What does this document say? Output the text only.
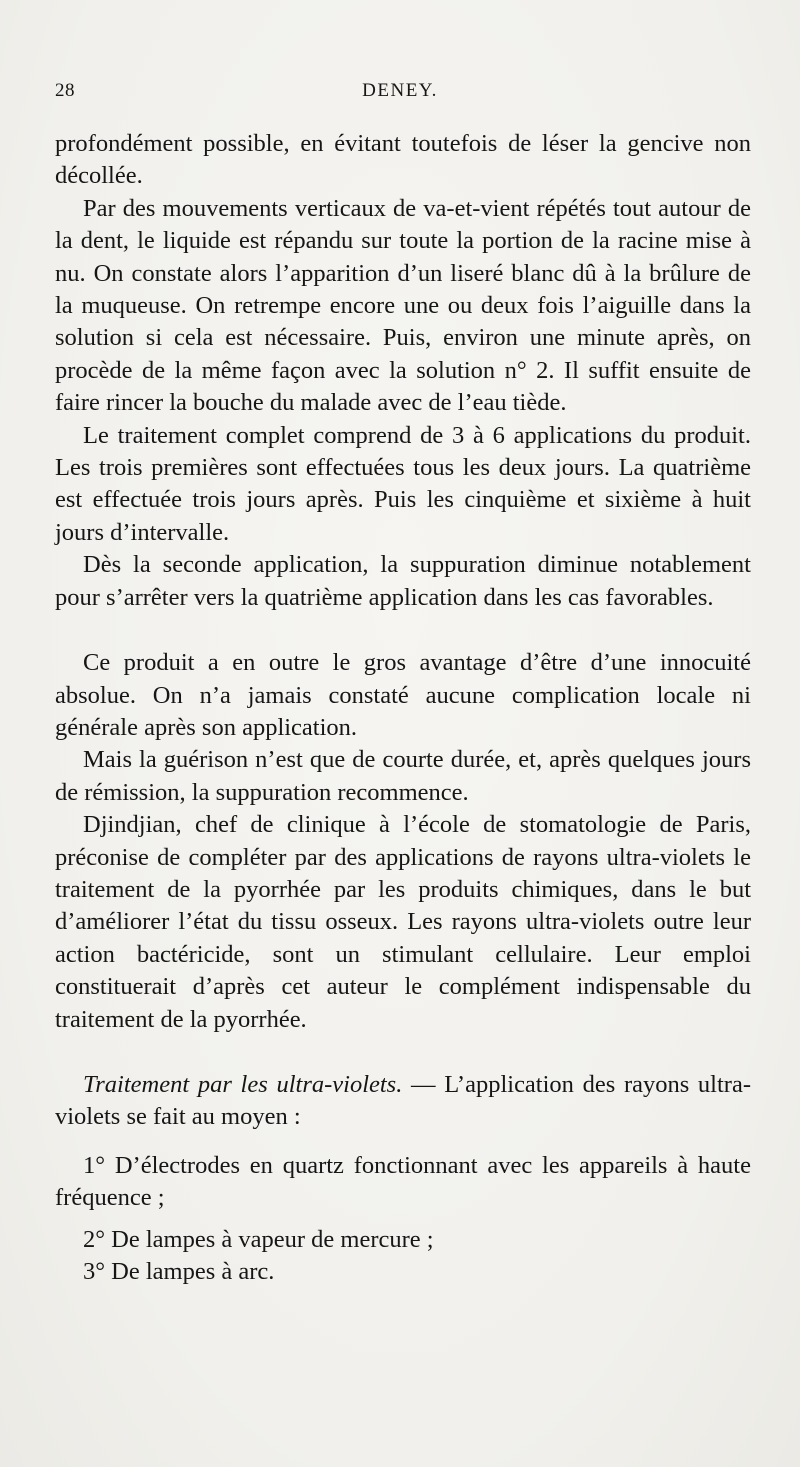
28	DENEY.

profondément possible, en évitant toutefois de léser la gencive non décollée.

Par des mouvements verticaux de va-et-vient répétés tout autour de la dent, le liquide est répandu sur toute la portion de la racine mise à nu. On constate alors l’apparition d’un liseré blanc dû à la brûlure de la muqueuse. On retrempe encore une ou deux fois l’aiguille dans la solution si cela est nécessaire. Puis, environ une minute après, on procède de la même façon avec la solution n° 2. Il suffit ensuite de faire rincer la bouche du malade avec de l’eau tiède.

Le traitement complet comprend de 3 à 6 applications du produit. Les trois premières sont effectuées tous les deux jours. La quatrième est effectuée trois jours après. Puis les cinquième et sixième à huit jours d’intervalle.

Dès la seconde application, la suppuration diminue notablement pour s’arrêter vers la quatrième application dans les cas favorables.

Ce produit a en outre le gros avantage d’être d’une innocuité absolue. On n’a jamais constaté aucune complication locale ni générale après son application.

Mais la guérison n’est que de courte durée, et, après quelques jours de rémission, la suppuration recommence.

Djindjian, chef de clinique à l’école de stomatologie de Paris, préconise de compléter par des applications de rayons ultra-violets le traitement de la pyorrhée par les produits chimiques, dans le but d’améliorer l’état du tissu osseux. Les rayons ultra-violets outre leur action bactéricide, sont un stimulant cellulaire. Leur emploi constituerait d’après cet auteur le complément indispensable du traitement de la pyorrhée.

Traitement par les ultra-violets. — L’application des rayons ultra-violets se fait au moyen :

1° D’électrodes en quartz fonctionnant avec les appareils à haute fréquence ;

2° De lampes à vapeur de mercure ;

3° De lampes à arc.
